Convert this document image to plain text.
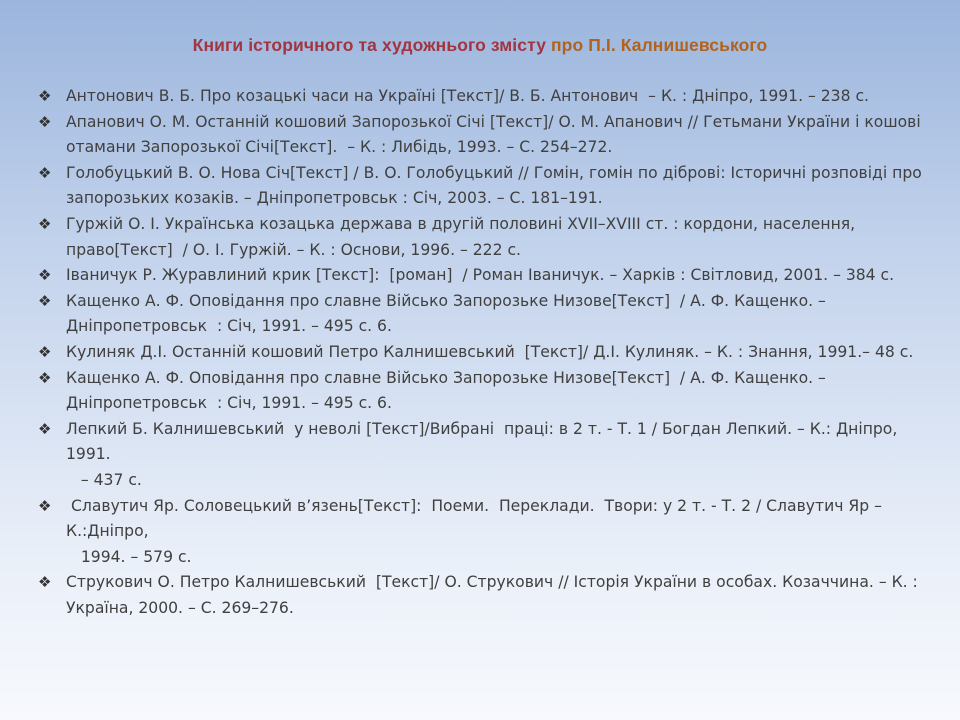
Книги історичного та художнього змісту про П.І. Калнишевського
❖ Антонович В. Б. Про козацькі часи на Україні [Текст]/ В. Б. Антонович  – К. : Дніпро, 1991. – 238 с.
❖ Апанович О. М. Останній кошовий Запорозької Січі [Текст]/ О. М. Апанович // Гетьмани України і кошові отамани Запорозької Січі[Текст].  – К. : Либідь, 1993. – С. 254–272.
❖ Голобуцький В. О. Нова Січ[Текст] / В. О. Голобуцький // Гомін, гомін по діброві: Історичні розповіді про запорозьких козаків. – Дніпропетровськ : Січ, 2003. – С. 181–191.
❖ Гуржій О. І. Українська козацька держава в другій половині XVII–XVIII ст. : кордони, населення, право[Текст]  / О. І. Гуржій. – К. : Основи, 1996. – 222 с.
❖ Іваничук Р. Журавлиний крик [Текст]:  [роман]  / Роман Іваничук. – Харків : Світловид, 2001. – 384 с.
❖ Кащенко А. Ф. Оповідання про славне Військо Запорозьке Низове[Текст]  / А. Ф. Кащенко. – Дніпропетровськ  : Січ, 1991. – 495 с. 6.
❖ Кулиняк Д.І. Останній кошовий Петро Калнишевський  [Текст]/ Д.І. Кулиняк. – К. : Знання, 1991.– 48 с.
❖ Кащенко А. Ф. Оповідання про славне Військо Запорозьке Низове[Текст]  / А. Ф. Кащенко. – Дніпропетровськ  : Січ, 1991. – 495 с. 6.
❖ Лепкий Б. Калнишевський  у неволі [Текст]/Вибрані  праці: в 2 т. - Т. 1 / Богдан Лепкий. – К.: Дніпро, 1991.
– 437 с.
❖ Славутич Яр. Соловецький в’язень[Текст]:  Поеми.  Переклади.  Твори: у 2 т. - Т. 2 / Славутич Яр – К.:Дніпро,
1994. – 579 с.
❖ Струкович О. Петро Калнишевський  [Текст]/ О. Струкович // Історія України в особах. Козаччина. – К. : Україна, 2000. – С. 269–276.
